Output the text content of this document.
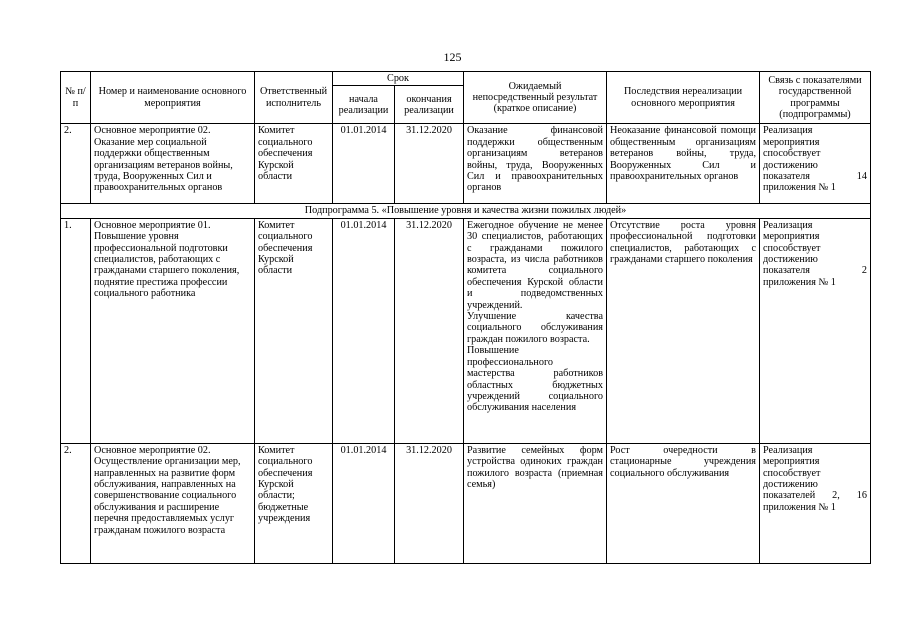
125
№ п/п	Номер и наименование основного мероприятия	Ответственный исполнитель	Срок		Ожидаемый непосредственный результат (краткое описание)	Последствия нереализации основного мероприятия	Связь с показателями государственной программы (подпрограммы)
			начала реализации	окончания реализации			
2.	Основное мероприятие 02. Оказание мер социальной поддержки общественным организациям ветеранов войны, труда, Вооруженных Сил и правоохранительных органов	Комитет социального обеспечения Курской области	01.01.2014	31.12.2020	Оказание финансовой поддержки общественным организациям ветеранов войны, труда, Вооруженных Сил и правоохранительных органов	Неоказание финансовой помощи общественным организациям ветеранов войны, труда, Вооруженных Сил и правоохранительных органов	Реализация мероприятия способствует достижению показателя 14 приложения № 1
Подпрограмма 5. «Повышение уровня и качества жизни пожилых людей»							
1.	Основное мероприятие 01. Повышение уровня профессиональной подготовки специалистов, работающих с гражданами старшего поколения, поднятие престижа профессии социального работника	Комитет социального обеспечения Курской области	01.01.2014	31.12.2020	Ежегодное обучение не менее 30 специалистов, работающих с гражданами пожилого возраста, из числа работников комитета социального обеспечения Курской области и подведомственных учреждений.
Улучшение качества социального обслуживания граждан пожилого возраста.
Повышение профессионального мастерства работников областных бюджетных учреждений социального обслуживания населения	Отсутствие роста уровня профессиональной подготовки специалистов, работающих с гражданами старшего поколения	Реализация мероприятия способствует достижению показателя 2 приложения № 1
2.	Основное мероприятие 02. Осуществление организации мер, направленных на развитие форм обслуживания, направленных на совершенствование социального обслуживания и расширение перечня предоставляемых услуг гражданам пожилого возраста	Комитет социального обеспечения Курской области; бюджетные учреждения	01.01.2014	31.12.2020	Развитие семейных форм устройства одиноких граждан пожилого возраста (приемная семья)	Рост очередности в стационарные учреждения социального обслуживания	Реализация мероприятия способствует достижению показателей 2, 16 приложения № 1
